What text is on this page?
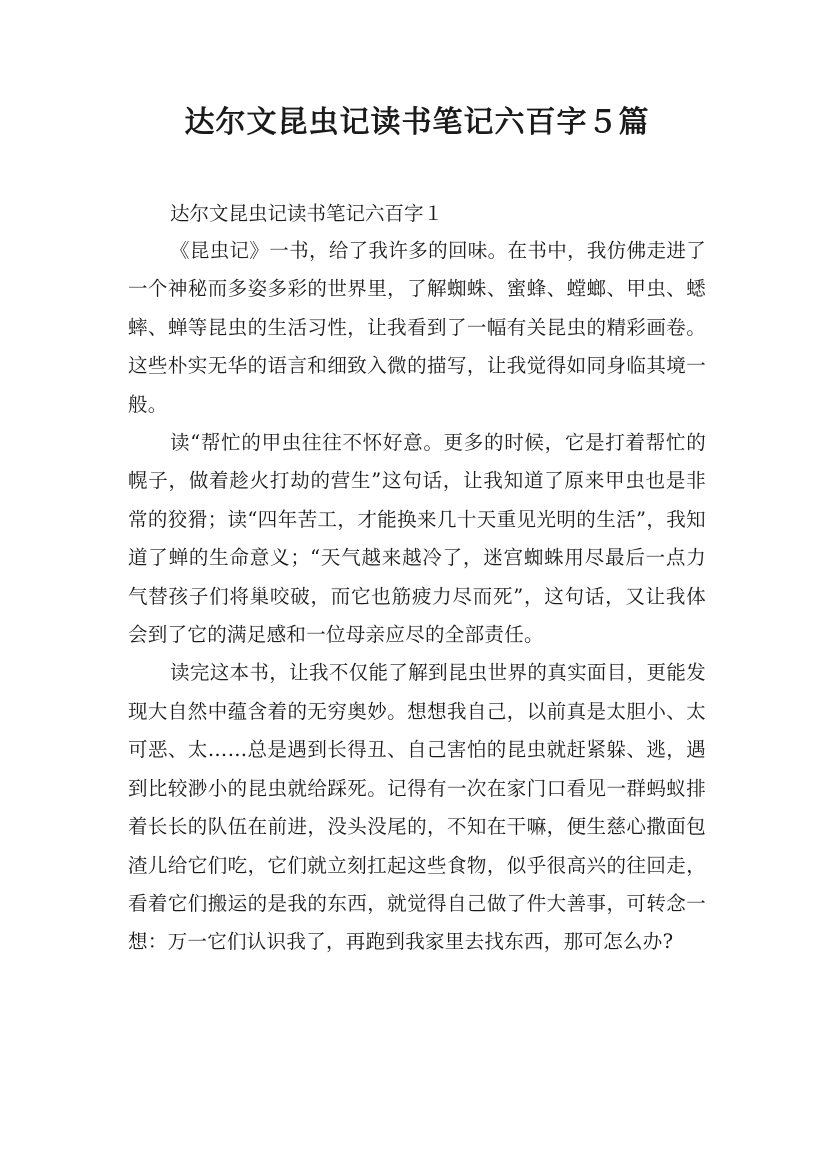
达尔文昆虫记读书笔记六百字５篇

达尔文昆虫记读书笔记六百字１

《昆虫记》一书，给了我许多的回味。在书中，我仿佛走进了一个神秘而多姿多彩的世界里，了解蜘蛛、蜜蜂、螳螂、甲虫、蟋蟀、蝉等昆虫的生活习性，让我看到了一幅有关昆虫的精彩画卷。这些朴实无华的语言和细致入微的描写，让我觉得如同身临其境一般。

读“帮忙的甲虫往往不怀好意。更多的时候，它是打着帮忙的幌子，做着趁火打劫的营生”这句话，让我知道了原来甲虫也是非常的狡猾；读“四年苦工，才能换来几十天重见光明的生活”，我知道了蝉的生命意义；“天气越来越冷了，迷宫蜘蛛用尽最后一点力气替孩子们将巢咬破，而它也筋疲力尽而死”，这句话，又让我体会到了它的满足感和一位母亲应尽的全部责任。

读完这本书，让我不仅能了解到昆虫世界的真实面目，更能发现大自然中蕴含着的无穷奥妙。想想我自己，以前真是太胆小、太可恶、太……总是遇到长得丑、自己害怕的昆虫就赶紧躲、逃，遇到比较渺小的昆虫就给踩死。记得有一次在家门口看见一群蚂蚁排着长长的队伍在前进，没头没尾的，不知在干嘛，便生慈心撒面包渣儿给它们吃，它们就立刻扛起这些食物，似乎很高兴的往回走，看着它们搬运的是我的东西，就觉得自己做了件大善事，可转念一想：万一它们认识我了，再跑到我家里去找东西，那可怎么办?
